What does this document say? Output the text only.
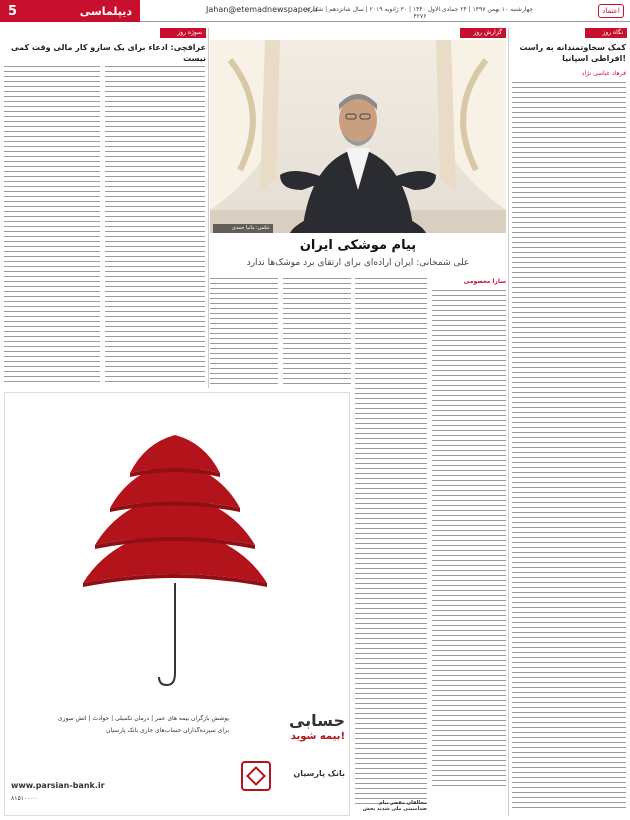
5	دیپلماسی	Jahan@etemadnewspaper.ir
چهارشنبه ۱۰ بهمن ۱۳۹۷ | ۲۴ جمادی الاول ۱۴۴۰ | ۳۰ ژانویه ۲۰۱۹ | سال شانزدهم | شماره ۴۲۷۶
اعتماد
نگاه روز
کمک سخاوتمندانه به راست افراطی اسپانیا!
فرهاد عباسی نژاد
گزارش روز
عکس: مانیا حمدی
پیام موشکی ایران
علی شمخانی: ایران اراده‌ای برای ارتقای برد موشک‌ها ندارد
سارا معصومی
مخالفان مقصر پیام ضدامنیتی ملی شدند بخش
سوژه روز
عراقچی: ادعاء برای یک سازو کار مالی وقت کمی نیست
حسابی
بیمه شوید!
پوشش بازگران بیمه های عمر | درمان تکمیلی | حوادث | آتش سوزی
برای سپرده‌گذاران حساب‌های جاری بانک پارسیان
بانک پارسیان
www.parsian-bank.ir
۸۱۵۱۰۰۰۰
